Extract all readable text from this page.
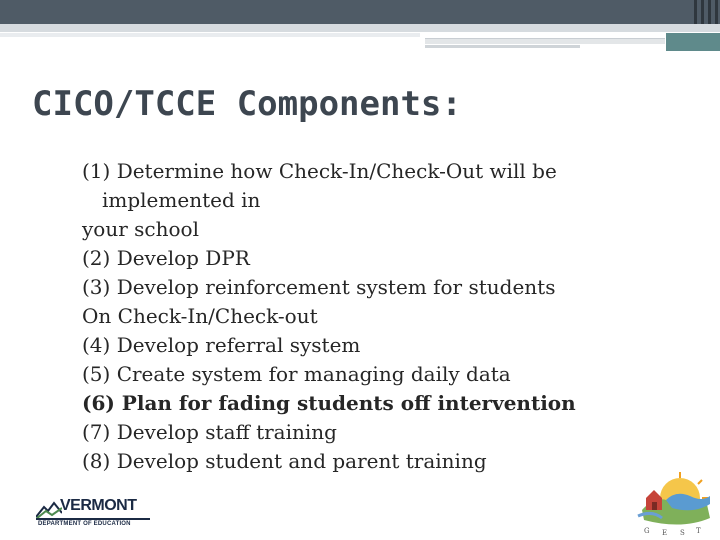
CICO/TCCE Components:
(1) Determine how Check-In/Check-Out will be
implemented in
your school
(2) Develop DPR
(3) Develop reinforcement system for students
On Check-In/Check-out
(4) Develop referral system
(5) Create system for managing daily data
(6) Plan for fading students off intervention
(7) Develop staff training
(8) Develop student and parent training
VERMONT
DEPARTMENT OF EDUCATION
G E S T
